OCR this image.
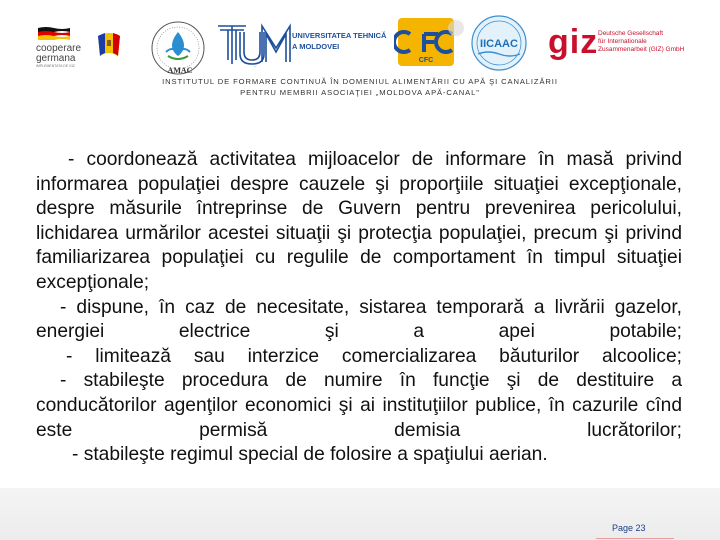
cooperare germana
IMPLEMENTATA DE GIZ	AMAC	UTM
UNIVERSITATEA TEHNICĂ
A MOLDOVEI
CFC
IICAAC giz Deutsche Gesellschaft
für Internationale
Zusammenarbeit (GIZ) GmbH
INSTITUTUL DE FORMARE CONTINUĂ ÎN DOMENIUL ALIMENTĂRII CU APĂ ŞI CANALIZĂRII
PENTRU MEMBRII ASOCIAŢIEI „MOLDOVA APĂ-CANAL"

- coordonează activitatea mijloacelor de informare în masă privind informarea populaţiei despre cauzele şi proporţiile situaţiei excepţionale, despre măsurile întreprinse de Guvern pentru prevenirea pericolului, lichidarea urmărilor acestei situaţii şi protecţia populaţiei, precum şi privind familiarizarea populaţiei cu regulile de comportament în timpul situaţiei excepţionale;

- dispune, în caz de necesitate, sistarea temporară a livrării gazelor, energiei electrice şi a apei potabile;

- limitează sau interzice comercializarea băuturilor alcoolice;

- stabileşte procedura de numire în funcţie şi de destituire a conducătorilor agenţilor economici şi ai instituţiilor publice, în cazurile cînd este permisă demisia lucrătorilor;

- stabileşte regimul special de folosire a spaţiului aerian.

Page 23
